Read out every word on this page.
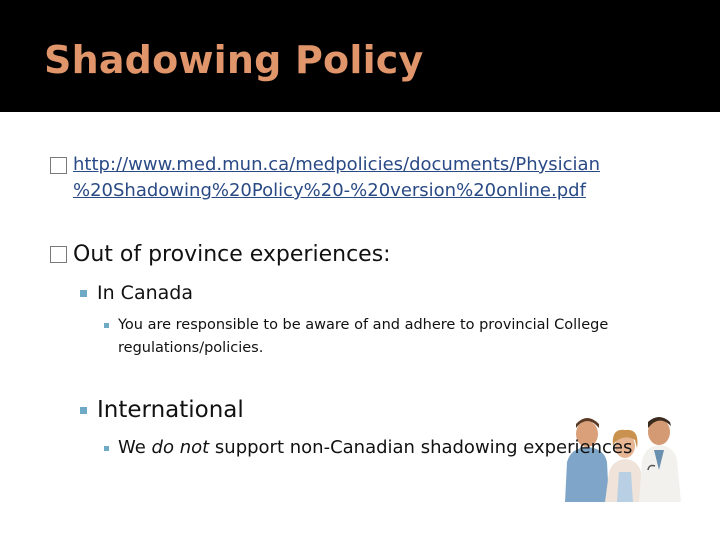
Shadowing Policy
http://www.med.mun.ca/medpolicies/documents/Physician
%20Shadowing%20Policy%20-%20version%20online.pdf
Out of province experiences:
In Canada
You are responsible to be aware of and adhere to provincial College
regulations/policies.
International
We do not support non-Canadian shadowing experiences
